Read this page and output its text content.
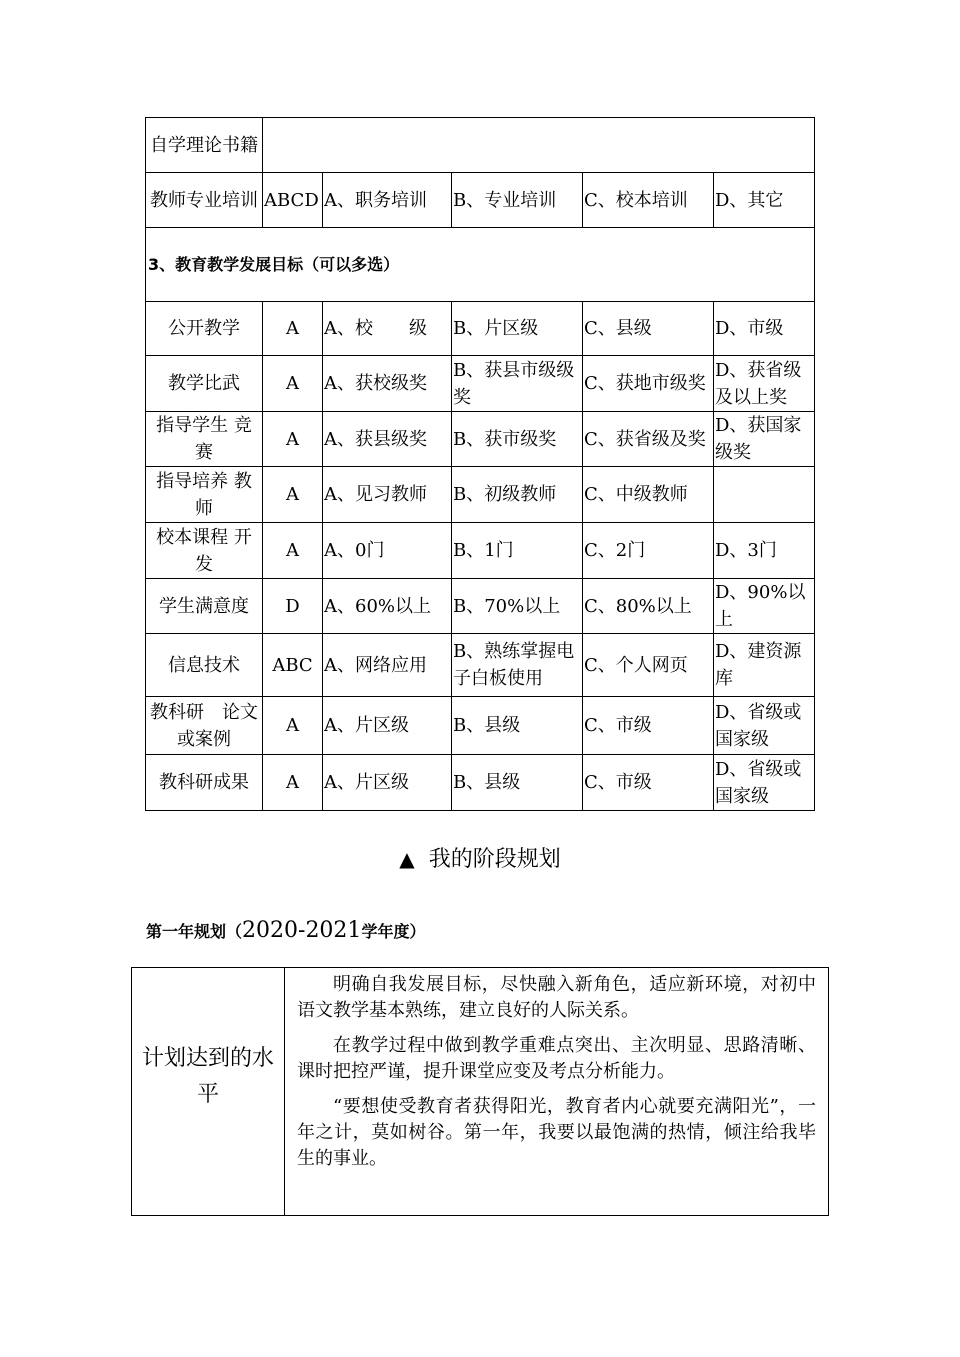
自学理论书籍					
教师专业培训	ABCD	A、职务培训	B、专业培训	C、校本培训	D、其它
3、教育教学发展目标（可以多选）					
公开教学	A	A、校　　级	B、片区级	C、县级	D、市级
教学比武	A	A、获校级奖	B、获县市级级奖	C、获地市级奖	D、获省级及以上奖
指导学生 竞赛	A	A、获县级奖	B、获市级奖	C、获省级及奖	D、获国家级奖
指导培养 教师	A	A、见习教师	B、初级教师	C、中级教师	
校本课程 开发	A	A、0门	B、1门	C、2门	D、3门
学生满意度	D	A、60%以上	B、70%以上	C、80%以上	D、90%以上
信息技术	ABC	A、网络应用	B、熟练掌握电子白板使用	C、个人网页	D、建资源库
教科研　论文或案例	A	A、片区级	B、县级	C、市级	D、省级或国家级
教科研成果	A	A、片区级	B、县级	C、市级	D、省级或国家级
▲ 我的阶段规划
第一年规划（2020-2021学年度）
计划达到的水平	

明确自我发展目标，尽快融入新角色，适应新环境，对初中语文教学基本熟练，建立良好的人际关系。

在教学过程中做到教学重难点突出、主次明显、思路清晰、课时把控严谨，提升课堂应变及考点分析能力。

“要想使受教育者获得阳光，教育者内心就要充满阳光”，一年之计，莫如树谷。第一年，我要以最饱满的热情，倾注给我毕生的事业。
